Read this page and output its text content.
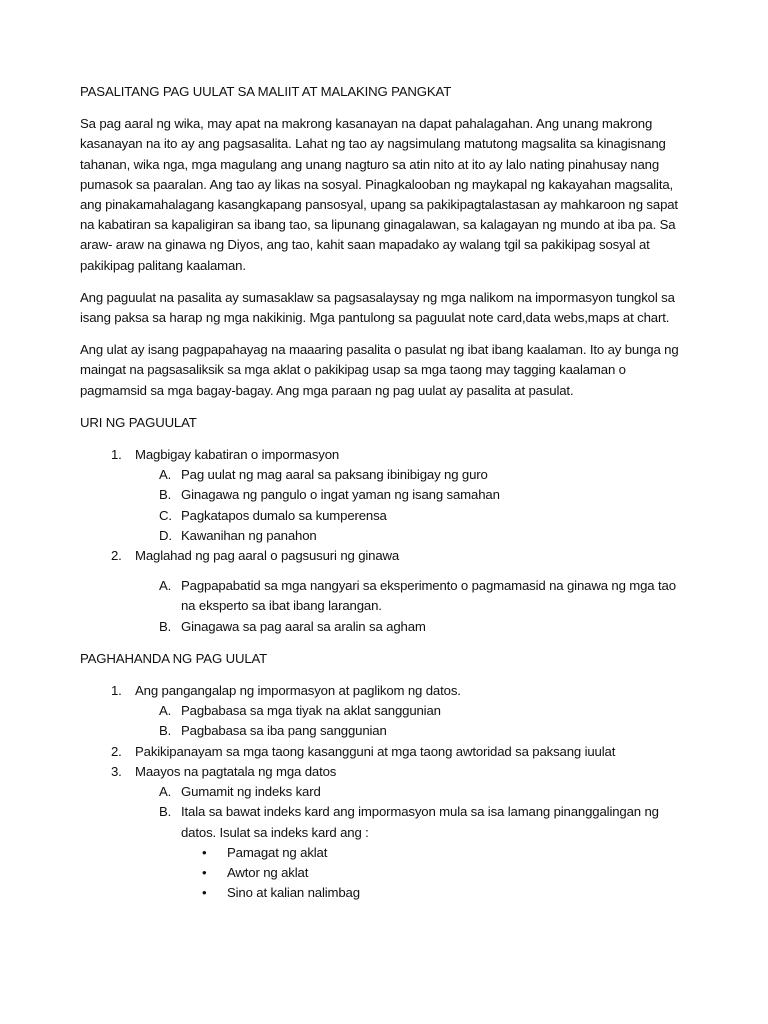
PASALITANG PAG UULAT SA MALIIT AT MALAKING PANGKAT
Sa pag aaral ng wika, may apat na makrong kasanayan na dapat pahalagahan. Ang unang makrong kasanayan na ito ay ang pagsasalita. Lahat ng tao ay nagsimulang matutong magsalita sa kinagisnang tahanan, wika nga, mga magulang ang unang nagturo sa atin nito at ito ay lalo nating pinahusay nang pumasok sa paaralan. Ang tao ay likas na sosyal. Pinagkalooban ng maykapal ng kakayahan magsalita, ang pinakamahalagang kasangkapang pansosyal, upang sa pakikipagtalastasan ay mahkaroon ng sapat na kabatiran sa kapaligiran sa ibang tao, sa lipunang ginagalawan, sa kalagayan ng mundo at iba pa. Sa araw- araw na ginawa ng Diyos, ang tao, kahit saan mapadako ay walang tgil sa pakikipag sosyal at pakikipag palitang kaalaman.
Ang paguulat na pasalita ay sumasaklaw sa pagsasalaysay ng mga nalikom na impormasyon tungkol sa isang paksa sa harap ng mga nakikinig. Mga pantulong sa paguulat note card,data webs,maps at chart.
Ang ulat ay isang pagpapahayag na maaaring pasalita o pasulat ng ibat ibang kaalaman. Ito ay bunga ng maingat na pagsasaliksik sa mga aklat o pakikipag usap sa mga taong may tagging kaalaman o pagmamsid sa mga bagay-bagay. Ang mga paraan ng pag uulat ay pasalita at pasulat.
URI NG PAGUULAT
1. Magbigay kabatiran o impormasyon
A. Pag uulat ng mag aaral sa paksang ibinibigay ng guro
B. Ginagawa ng pangulo o ingat yaman ng isang samahan
C. Pagkatapos dumalo sa kumperensa
D. Kawanihan ng panahon
2. Maglahad ng pag aaral o pagsusuri ng ginawa
A. Pagpapabatid sa mga nangyari sa eksperimento o pagmamasid na ginawa ng mga tao na eksperto sa ibat ibang larangan.
B. Ginagawa sa pag aaral sa aralin sa agham
PAGHAHANDA NG PAG UULAT
1. Ang pangangalap ng impormasyon at paglikom ng datos.
A. Pagbabasa sa mga tiyak na aklat sanggunian
B. Pagbabasa sa iba pang sanggunian
2. Pakikipanayam sa mga taong kasangguni at mga taong awtoridad sa paksang iuulat
3. Maayos na pagtatala ng mga datos
A. Gumamit ng indeks kard
B. Itala sa bawat indeks kard ang impormasyon mula sa isa lamang pinanggalingan ng datos. Isulat sa indeks kard ang :
• Pamagat ng aklat
• Awtor ng aklat
• Sino at kalian nalimbag
